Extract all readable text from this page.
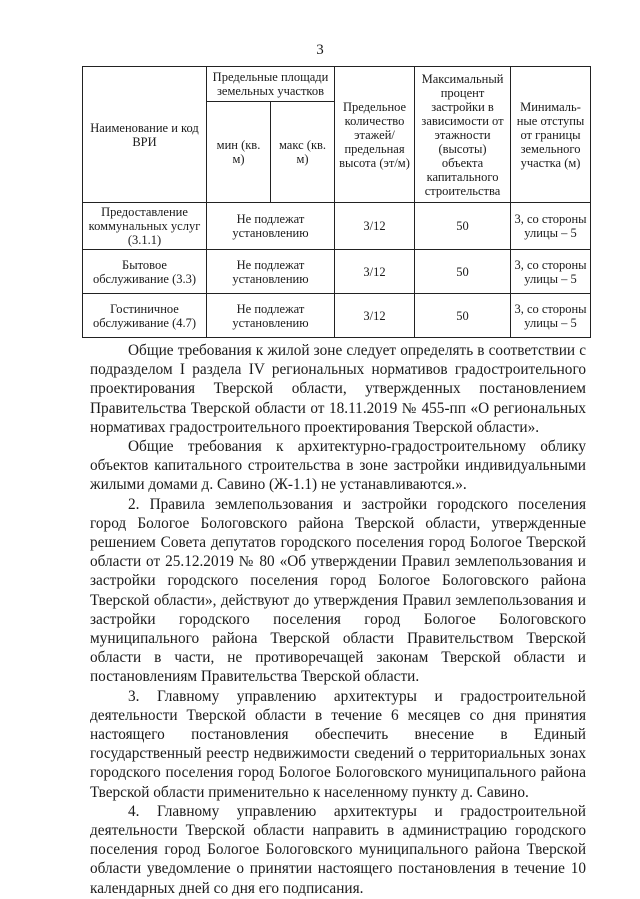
3
Наименование и код ВРИ	Предельные площади земельных участков		Предельное количество этажей/ предельная высота (эт/м)	Максимальный процент застройки в зависимости от этажности (высоты) объекта капитального строительства	Минималь-ные отступы от границы земельного участка (м)
	мин (кв. м)	макс (кв. м)			
Предоставление коммунальных услуг (3.1.1)	Не подлежат установлению		3/12	50	3, со стороны улицы – 5
Бытовое обслуживание (3.3)	Не подлежат установлению		3/12	50	3, со стороны улицы – 5
Гостиничное обслуживание (4.7)	Не подлежат установлению		3/12	50	3, со стороны улицы – 5

Общие требования к жилой зоне следует определять в соответствии с подразделом I раздела IV региональных нормативов градостроительного проектирования Тверской области, утвержденных постановлением Правительства Тверской области от 18.11.2019 № 455-пп «О региональных нормативах градостроительного проектирования Тверской области».

Общие требования к архитектурно-градостроительному облику объектов капитального строительства в зоне застройки индивидуальными жилыми домами д. Савино (Ж-1.1) не устанавливаются.».

2. Правила землепользования и застройки городского поселения город Бологое Бологовского района Тверской области, утвержденные решением Совета депутатов городского поселения город Бологое Тверской области от 25.12.2019 № 80 «Об утверждении Правил землепользования и застройки городского поселения город Бологое Бологовского района Тверской области», действуют до утверждения Правил землепользования и застройки городского поселения город Бологое Бологовского муниципального района Тверской области Правительством Тверской области в части, не противоречащей законам Тверской области и постановлениям Правительства Тверской области.

3. Главному управлению архитектуры и градостроительной деятельности Тверской области в течение 6 месяцев со дня принятия настоящего постановления обеспечить внесение в Единый государственный реестр недвижимости сведений о территориальных зонах городского поселения город Бологое Бологовского муниципального района Тверской области применительно к населенному пункту д. Савино.

4. Главному управлению архитектуры и градостроительной деятельности Тверской области направить в администрацию городского поселения город Бологое Бологовского муниципального района Тверской области уведомление о принятии настоящего постановления в течение 10 календарных дней со дня его подписания.
